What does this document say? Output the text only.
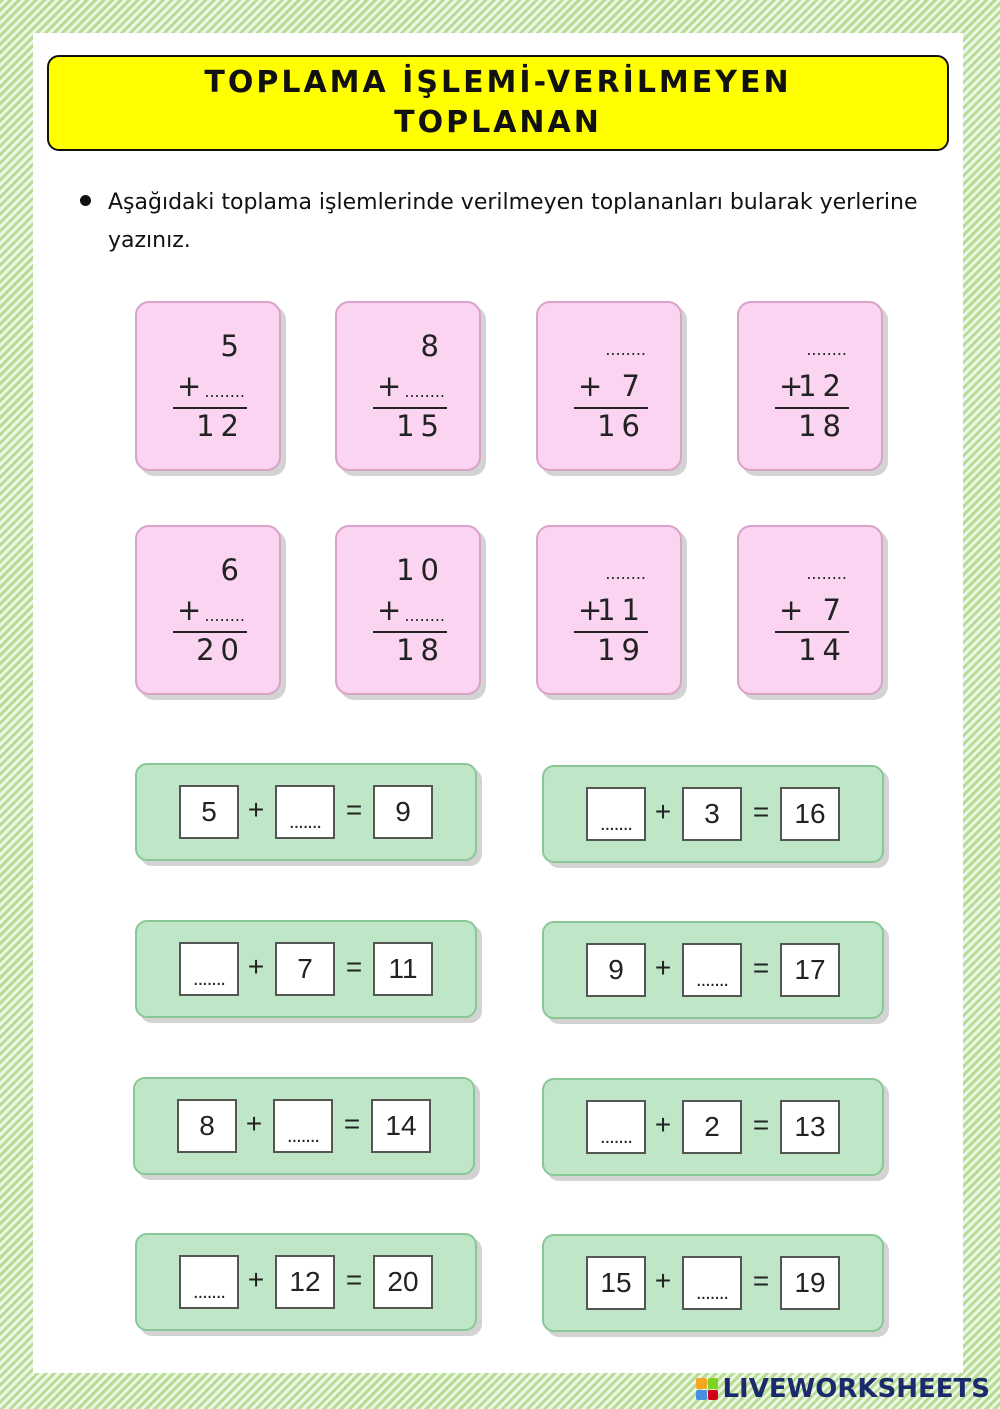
TOPLAMA İŞLEMİ-VERİLMEYEN
TOPLANAN
Aşağıdaki toplama işlemlerinde verilmeyen toplananları bularak yerlerine yazınız.
5
+ ........
12
8
+ ........
15
........
+ 7
16
........
+
12
18
6
+ ........
20
10
+ ........
18
........
+
11
19
........
+ 7
14
5 +	....... = 9	....... + 3 = 16
....... + 7 = 11	9 +	....... = 17
8 +	....... = 14	....... + 2 = 13
....... + 12 = 20	15 +	....... = 19
LIVEWORKSHEETS
